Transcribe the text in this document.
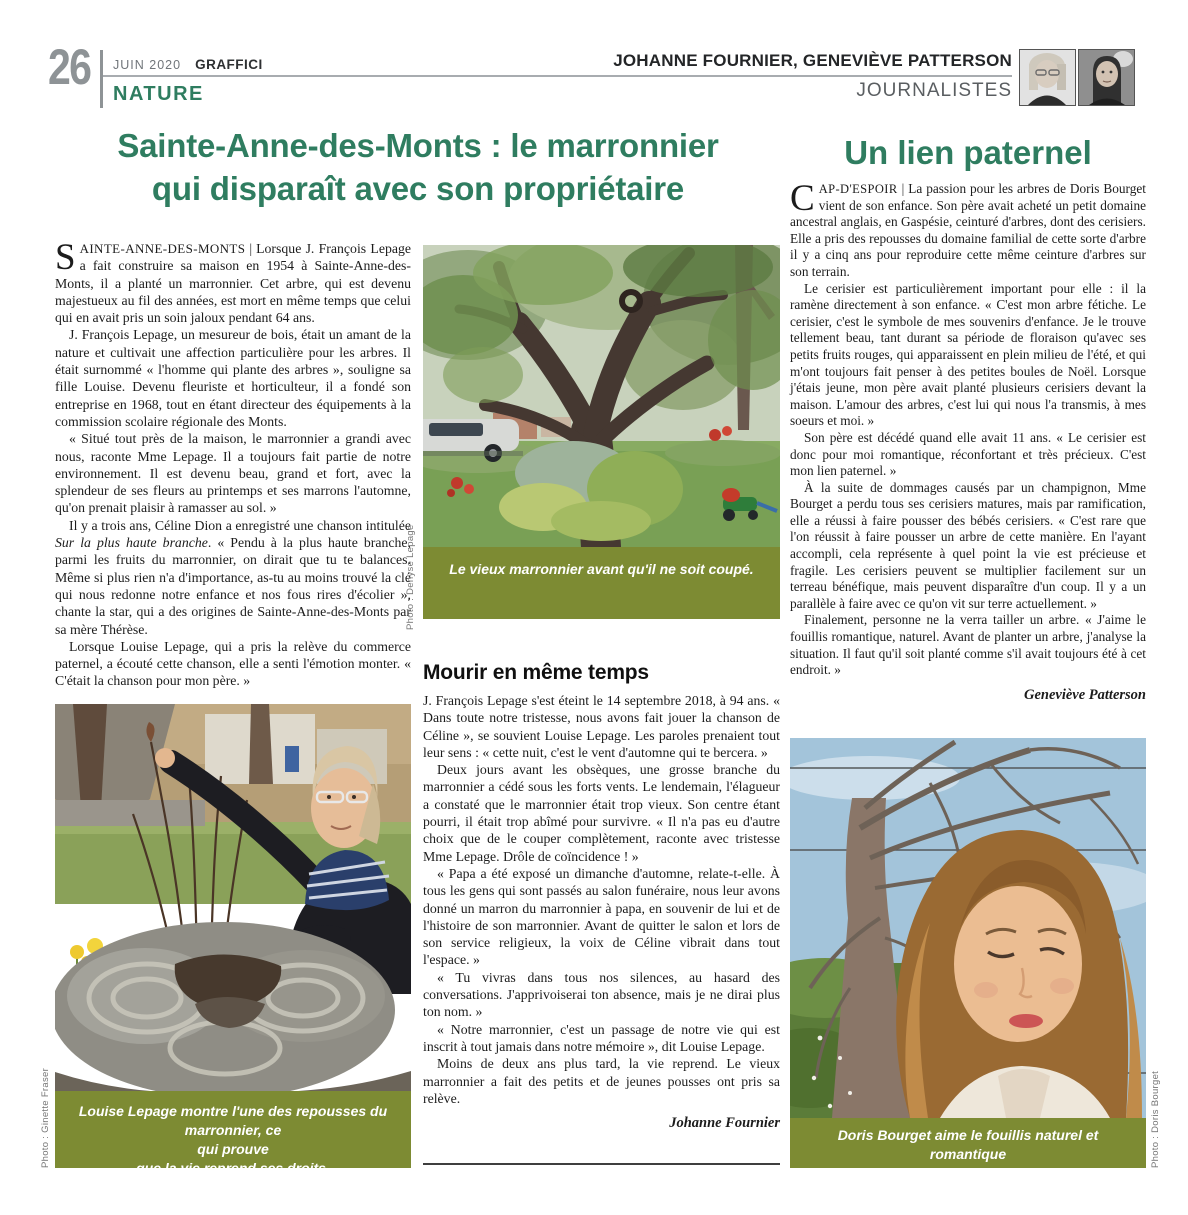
26 JUIN 2020 GRAFFICI
NATURE
JOHANNE FOURNIER, GENEVIÈVE PATTERSON
JOURNALISTES
Sainte-Anne-des-Monts : le marronnier
qui disparaît avec son propriétaire

SAINTE-ANNE-DES-MONTS | Lorsque J. François Lepage a fait construire sa maison en 1954 à Sainte-Anne-des-Monts, il a planté un marronnier. Cet arbre, qui est devenu majestueux au fil des années, est mort en même temps que celui qui en avait pris un soin jaloux pendant 64 ans.

J. François Lepage, un mesureur de bois, était un amant de la nature et cultivait une affection particulière pour les arbres. Il était surnommé « l'homme qui plante des arbres », souligne sa fille Louise. Devenu fleuriste et horticulteur, il a fondé son entreprise en 1968, tout en étant directeur des équipements à la commission scolaire régionale des Monts.

« Situé tout près de la maison, le marronnier a grandi avec nous, raconte Mme Lepage. Il a toujours fait partie de notre environnement. Il est devenu beau, grand et fort, avec la splendeur de ses fleurs au printemps et ses marrons l'automne, qu'on prenait plaisir à ramasser au sol. »

Il y a trois ans, Céline Dion a enregistré une chanson intitulée Sur la plus haute branche. « Pendu à la plus haute branche, parmi les fruits du marronnier, on dirait que tu te balances. Même si plus rien n'a d'importance, as-tu au moins trouvé la clé qui nous redonne notre enfance et nos fous rires d'écolier », chante la star, qui a des origines de Sainte-Anne-des-Monts par sa mère Thérèse.

Lorsque Louise Lepage, qui a pris la relève du commerce paternel, a écouté cette chanson, elle a senti l'émotion monter. « C'était la chanson pour mon père. »

Louise Lepage montre l'une des repousses du marronnier, ce
qui prouve
que la vie reprend ses droits.
Le vieux marronnier avant qu'il ne soit coupé.
Mourir en même temps

J. François Lepage s'est éteint le 14 septembre 2018, à 94 ans. « Dans toute notre tristesse, nous avons fait jouer la chanson de Céline », se souvient Louise Lepage. Les paroles prenaient tout leur sens : « cette nuit, c'est le vent d'automne qui te bercera. »

Deux jours avant les obsèques, une grosse branche du marronnier a cédé sous les forts vents. Le lendemain, l'élagueur a constaté que le marronnier était trop vieux. Son centre étant pourri, il était trop abîmé pour survivre. « Il n'a pas eu d'autre choix que de le couper complètement, raconte avec tristesse Mme Lepage. Drôle de coïncidence ! »

« Papa a été exposé un dimanche d'automne, relate-t-elle. À tous les gens qui sont passés au salon funéraire, nous leur avons donné un marron du marronnier à papa, en souvenir de lui et de l'histoire de son marronnier. Avant de quitter le salon et lors de son service religieux, la voix de Céline vibrait dans tout l'espace. »

« Tu vivras dans tous nos silences, au hasard des conversations. J'apprivoiserai ton absence, mais je ne dirai plus ton nom. »

« Notre marronnier, c'est un passage de notre vie qui est inscrit à tout jamais dans notre mémoire », dit Louise Lepage.

Moins de deux ans plus tard, la vie reprend. Le vieux marronnier a fait des petits et de jeunes pousses ont pris sa relève.

Johanne Fournier
Un lien paternel

CAP-D'ESPOIR | La passion pour les arbres de Doris Bourget vient de son enfance. Son père avait acheté un petit domaine ancestral anglais, en Gaspésie, ceinturé d'arbres, dont des cerisiers. Elle a pris des repousses du domaine familial de cette sorte d'arbre il y a cinq ans pour reproduire cette même ceinture d'arbres sur son terrain.

Le cerisier est particulièrement important pour elle : il la ramène directement à son enfance. « C'est mon arbre fétiche. Le cerisier, c'est le symbole de mes souvenirs d'enfance. Je le trouve tellement beau, tant durant sa période de floraison qu'avec ses petits fruits rouges, qui apparaissent en plein milieu de l'été, et qui m'ont toujours fait penser à des petites boules de Noël. Lorsque j'étais jeune, mon père avait planté plusieurs cerisiers devant la maison. L'amour des arbres, c'est lui qui nous l'a transmis, à mes soeurs et moi. »

Son père est décédé quand elle avait 11 ans. « Le cerisier est donc pour moi romantique, réconfortant et très précieux. C'est mon lien paternel. »

À la suite de dommages causés par un champignon, Mme Bourget a perdu tous ses cerisiers matures, mais par ramification, elle a réussi à faire pousser des bébés cerisiers. « C'est rare que l'on réussit à faire pousser un arbre de cette manière. En l'ayant accompli, cela représente à quel point la vie est précieuse et fragile. Les cerisiers peuvent se multiplier facilement sur un terreau bénéfique, mais peuvent disparaître d'un coup. Il y a un parallèle à faire avec ce qu'on vit sur terre actuellement. »

Finalement, personne ne la verra tailler un arbre. « J'aime le fouillis romantique, naturel. Avant de planter un arbre, j'analyse la situation. Il faut qu'il soit planté comme s'il avait toujours été à cet endroit. »

Geneviève Patterson
Doris Bourget aime le fouillis naturel et romantique
de ses arbres, dont celui de ses cerisiers.
Photo : Denyse Lepage
Photo : Ginette Fraser	Photo : Doris Bourget
